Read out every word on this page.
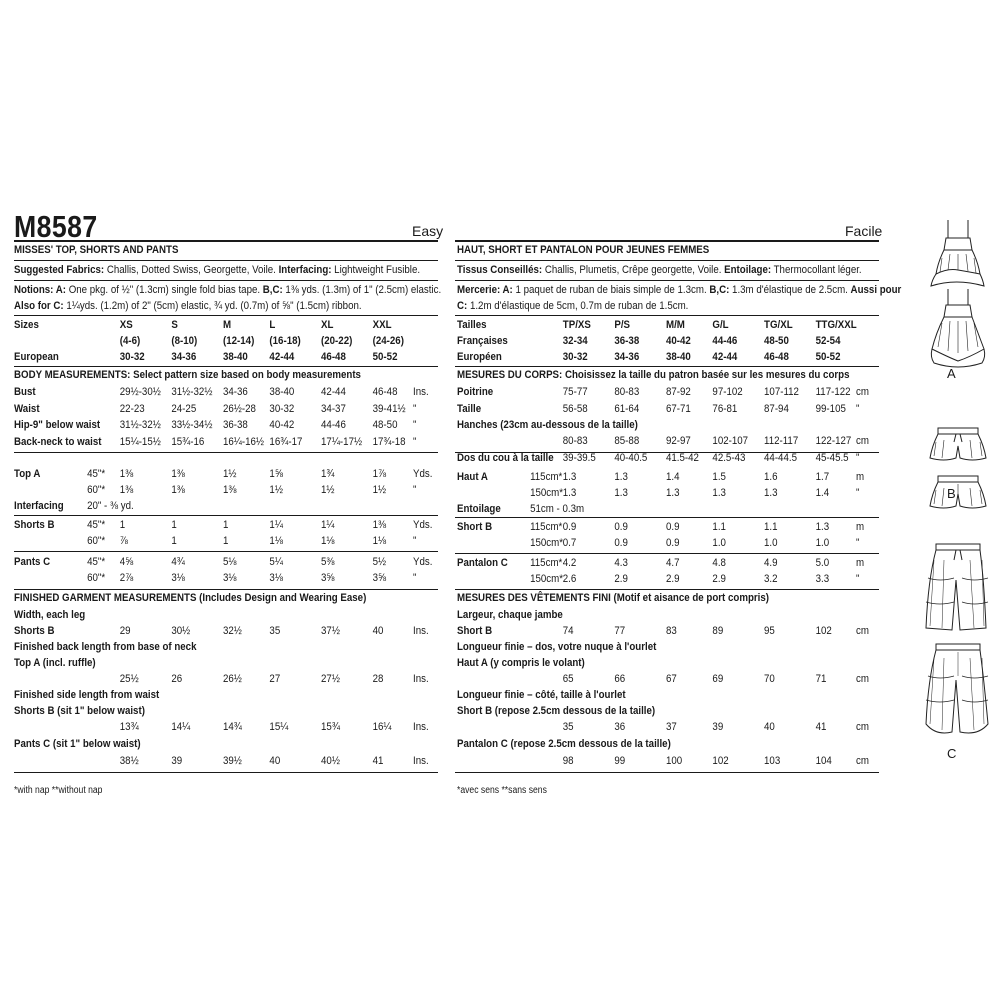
M8587	Easy
MISSES' TOP, SHORTS AND PANTS
Suggested Fabrics: Challis, Dotted Swiss, Georgette, Voile. Interfacing: Lightweight Fusible.
Notions: A: One pkg. of ½" (1.3cm) single fold bias tape. B,C: 1⅜ yds. (1.3m) of 1" (2.5cm) elastic.
Also for C: 1¼yds. (1.2m) of 2" (5cm) elastic, ¾ yd. (0.7m) of ⅝" (1.5cm) ribbon.
Sizes	XS	S	M	L	XL	XXL
(4-6)	(8-10) (12-14) (16-18) (20-22) (24-26)
European	30-32 34-36 38-40 42-44 46-48 50-52
BODY MEASUREMENTS: Select pattern size based on body measurements
Bust	29½-30½ 31½-32½ 34-36 38-40 42-44 46-48 Ins.
Waist	22-23 24-25 26½-28 30-32 34-37 39-41½ "
Hip-9" below waist 31½-32½ 33½-34½ 36-38 40-42 44-46 48-50 "
Back-neck to waist 15¼-15½ 15¾-16 16¼-16½ 16¾-17 17¼-17½ 17¾-18 "
Top A	45"* 1⅜	1⅜	1½	1⅝	1¾	1⅞ Yds.
60"* 1⅜	1⅜	1⅜	1½	1½	1½ "
Interfacing 20" - ⅜ yd.
Shorts B	45"* 1	1	1	1¼	1¼	1⅜ Yds.
60"* ⅞	1	1	1⅛	1⅛	1⅛ "
Pants C	45"* 4⅝	4¾	5⅛	5¼	5⅜	5½ Yds.
60"* 2⅞	3⅛	3⅛	3⅛	3⅝	3⅝ "
FINISHED GARMENT MEASUREMENTS (Includes Design and Wearing Ease)
Width, each leg
Shorts B	29	30½	32½ 35	37½	40	Ins.
Finished back length from base of neck
Top A (incl. ruffle)
25½	26	26½ 27	27½	28	Ins.
Finished side length from waist
Shorts B (sit 1" below waist)
13¾	14¼	14¾ 15¼	15¾	16¼ Ins.
Pants C (sit 1" below waist)
38½	39	39½ 40	40½	41	Ins.
*with nap **without nap
Facile
HAUT, SHORT ET PANTALON POUR JEUNES FEMMES
Tissus Conseillés: Challis, Plumetis, Crêpe georgette, Voile. Entoilage: Thermocollant léger.
Mercerie: A: 1 paquet de ruban de biais simple de 1.3cm. B,C: 1.3m d'élastique de 2.5cm. Aussi pour
C: 1.2m d'élastique de 5cm, 0.7m de ruban de 1.5cm.
Tailles	TP/XS P/S	M/M G/L	TG/XL TTG/XXL
Françaises	32-34 36-38 40-42 44-46 48-50 52-54
Européen	30-32 34-36 38-40 42-44 46-48 50-52
MESURES DU CORPS: Choisissez la taille du patron basée sur les mesures du corps
Poitrine	75-77 80-83 87-92 97-102 107-112 117-122 cm
Taille	56-58 61-64 67-71 76-81 87-94 99-105 "
Hanches (23cm au-dessous de la taille)
80-83 85-88 92-97 102-107 112-117 122-127 cm
Dos du cou à la taille 39-39.5 40-40.5 41.5-42 42.5-43 44-44.5 45-45.5 "
Haut A	115cm* 1.3	1.3	1.4	1.5	1.6	1.7 m
150cm* 1.3	1.3	1.3	1.3	1.3	1.4 "
Entoilage	51cm - 0.3m
Short B	115cm* 0.9	0.9	0.9	1.1	1.1	1.3 m
150cm* 0.7	0.9	0.9	1.0	1.0	1.0 "
Pantalon C 115cm* 4.2	4.3	4.7	4.8	4.9	5.0 m
150cm* 2.6	2.9	2.9	2.9	3.2	3.3 "
MESURES DES VÊTEMENTS FINI (Motif et aisance de port compris)
Largeur, chaque jambe
Short B	74	77	83	89	95	102 cm
Longueur finie – dos, votre nuque à l'ourlet
Haut A (y compris le volant)
65	66	67	69	70	71	cm
Longueur finie – côté, taille à l'ourlet
Short B (repose 2.5cm dessous de la taille)
35	36	37	39	40	41	cm
Pantalon C (repose 2.5cm dessous de la taille)
98	99	100	102	103	104 cm
*avec sens **sans sens
A
B
C
